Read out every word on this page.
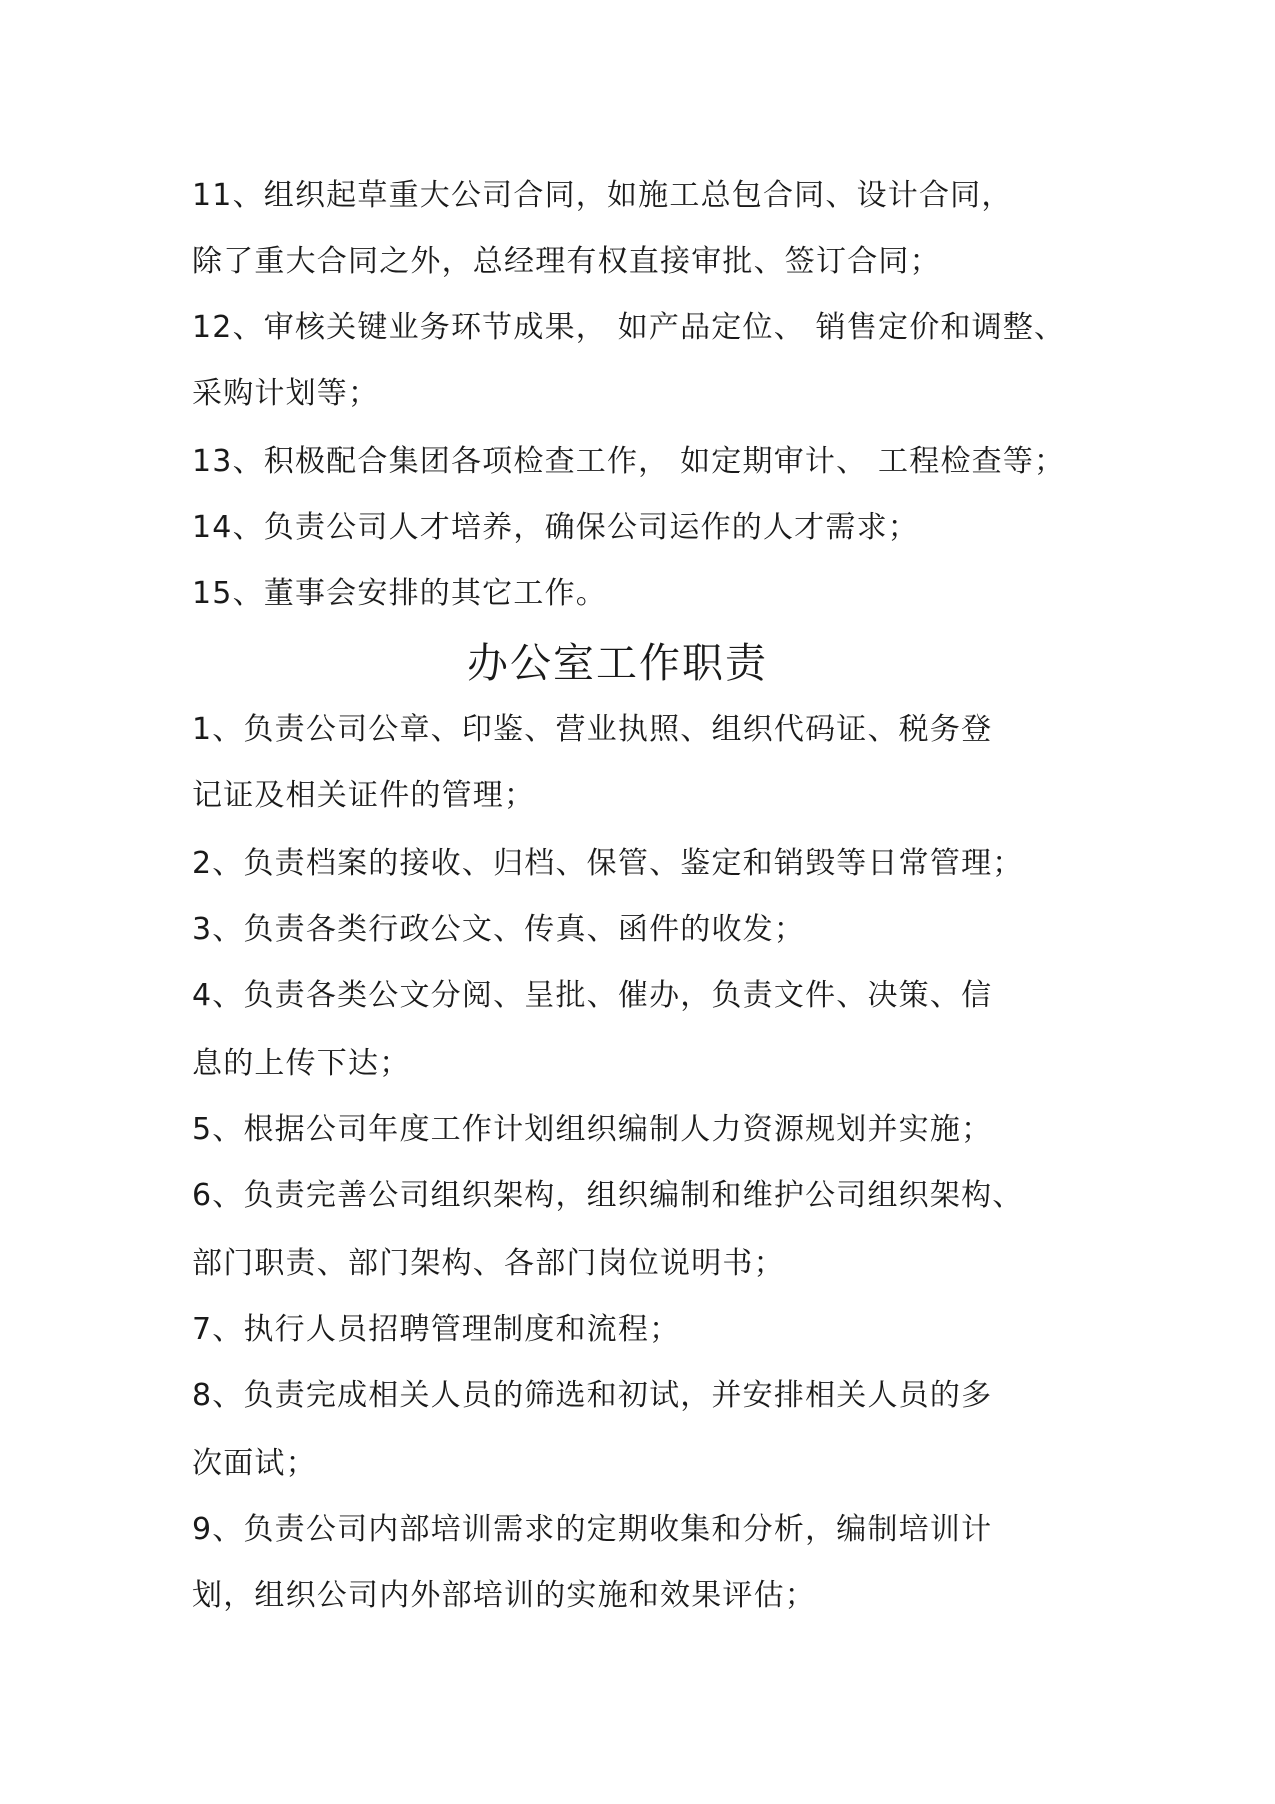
11、组织起草重大公司合同，如施工总包合同、设计合同，
除了重大合同之外，总经理有权直接审批、签订合同；
12、审核关键业务环节成果， 如产品定位、 销售定价和调整、
采购计划等；
13、积极配合集团各项检查工作， 如定期审计、 工程检查等；
14、负责公司人才培养，确保公司运作的人才需求；
15、董事会安排的其它工作。
办公室工作职责
1、负责公司公章、印鉴、营业执照、组织代码证、税务登
记证及相关证件的管理；
2、负责档案的接收、归档、保管、鉴定和销毁等日常管理；
3、负责各类行政公文、传真、函件的收发；
4、负责各类公文分阅、呈批、催办，负责文件、决策、信
息的上传下达；
5、根据公司年度工作计划组织编制人力资源规划并实施；
6、负责完善公司组织架构，组织编制和维护公司组织架构、
部门职责、部门架构、各部门岗位说明书；
7、执行人员招聘管理制度和流程；
8、负责完成相关人员的筛选和初试，并安排相关人员的多
次面试；
9、负责公司内部培训需求的定期收集和分析，编制培训计
划，组织公司内外部培训的实施和效果评估；
